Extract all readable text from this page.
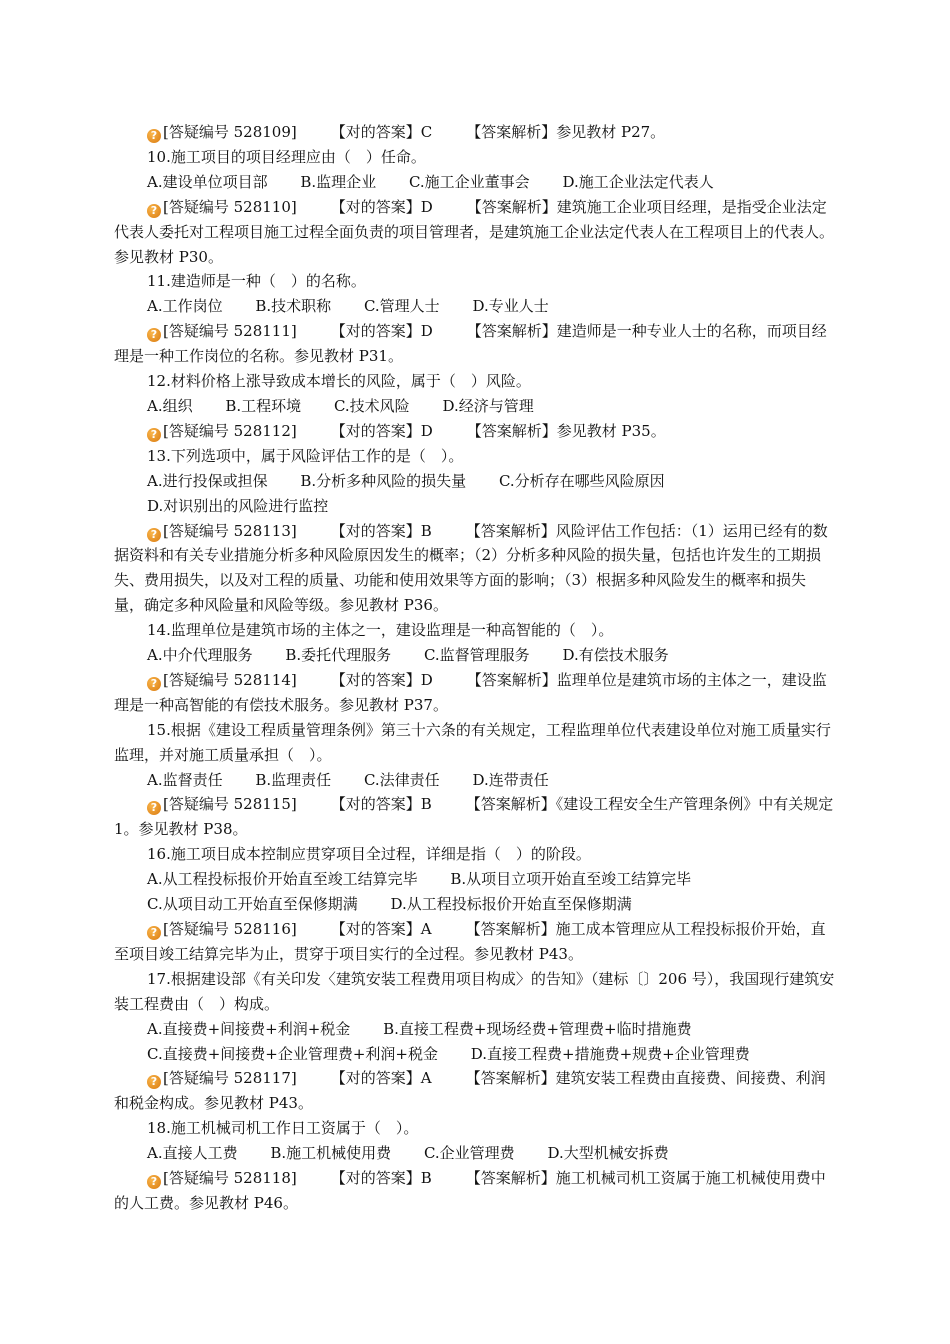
? [答疑编号 528109] 【对的答案】C 【答案解析】参见教材 P27。

10.施工项目的项目经理应由（　）任命。

A.建设单位项目部 B.监理企业 C.施工企业董事会 D.施工企业法定代表人

? [答疑编号 528110] 【对的答案】D 【答案解析】建筑施工企业项目经理，是指受企业法定代表人委托对工程项目施工过程全面负责的项目管理者，是建筑施工企业法定代表人在工程项目上的代表人。参见教材 P30。

11.建造师是一种（　）的名称。

A.工作岗位 B.技术职称 C.管理人士 D.专业人士

? [答疑编号 528111] 【对的答案】D 【答案解析】建造师是一种专业人士的名称，而项目经理是一种工作岗位的名称。参见教材 P31。

12.材料价格上涨导致成本增长的风险，属于（　）风险。

A.组织 B.工程环境 C.技术风险 D.经济与管理

? [答疑编号 528112] 【对的答案】D 【答案解析】参见教材 P35。

13.下列选项中，属于风险评估工作的是（　）。

A.进行投保或担保 B.分析多种风险的损失量 C.分析存在哪些风险原因 D.对识别出的风险进行监控

? [答疑编号 528113] 【对的答案】B 【答案解析】风险评估工作包括：（1）运用已经有的数据资料和有关专业措施分析多种风险原因发生的概率；（2）分析多种风险的损失量，包括也许发生的工期损失、费用损失，以及对工程的质量、功能和使用效果等方面的影响；（3）根据多种风险发生的概率和损失量，确定多种风险量和风险等级。参见教材 P36。

14.监理单位是建筑市场的主体之一，建设监理是一种高智能的（　）。

A.中介代理服务 B.委托代理服务 C.监督管理服务 D.有偿技术服务

? [答疑编号 528114] 【对的答案】D 【答案解析】监理单位是建筑市场的主体之一，建设监理是一种高智能的有偿技术服务。参见教材 P37。

15.根据《建设工程质量管理条例》第三十六条的有关规定，工程监理单位代表建设单位对施工质量实行监理，并对施工质量承担（　）。

A.监督责任 B.监理责任 C.法律责任 D.连带责任

? [答疑编号 528115] 【对的答案】B 【答案解析】《建设工程安全生产管理条例》中有关规定 1。参见教材 P38。

16.施工项目成本控制应贯穿项目全过程，详细是指（　）的阶段。

A.从工程投标报价开始直至竣工结算完毕 B.从项目立项开始直至竣工结算完毕 C.从项目动工开始直至保修期满 D.从工程投标报价开始直至保修期满

? [答疑编号 528116] 【对的答案】A 【答案解析】施工成本管理应从工程投标报价开始，直至项目竣工结算完毕为止，贯穿于项目实行的全过程。参见教材 P43。

17.根据建设部《有关印发〈建筑安装工程费用项目构成〉的告知》（建标〔〕206 号），我国现行建筑安装工程费由（　）构成。

A.直接费+间接费+利润+税金 B.直接工程费+现场经费+管理费+临时措施费 C.直接费+间接费+企业管理费+利润+税金 D.直接工程费+措施费+规费+企业管理费

? [答疑编号 528117] 【对的答案】A 【答案解析】建筑安装工程费由直接费、间接费、利润和税金构成。参见教材 P43。

18.施工机械司机工作日工资属于（　）。

A.直接人工费 B.施工机械使用费 C.企业管理费 D.大型机械安拆费

? [答疑编号 528118] 【对的答案】B 【答案解析】施工机械司机工资属于施工机械使用费中的人工费。参见教材 P46。
